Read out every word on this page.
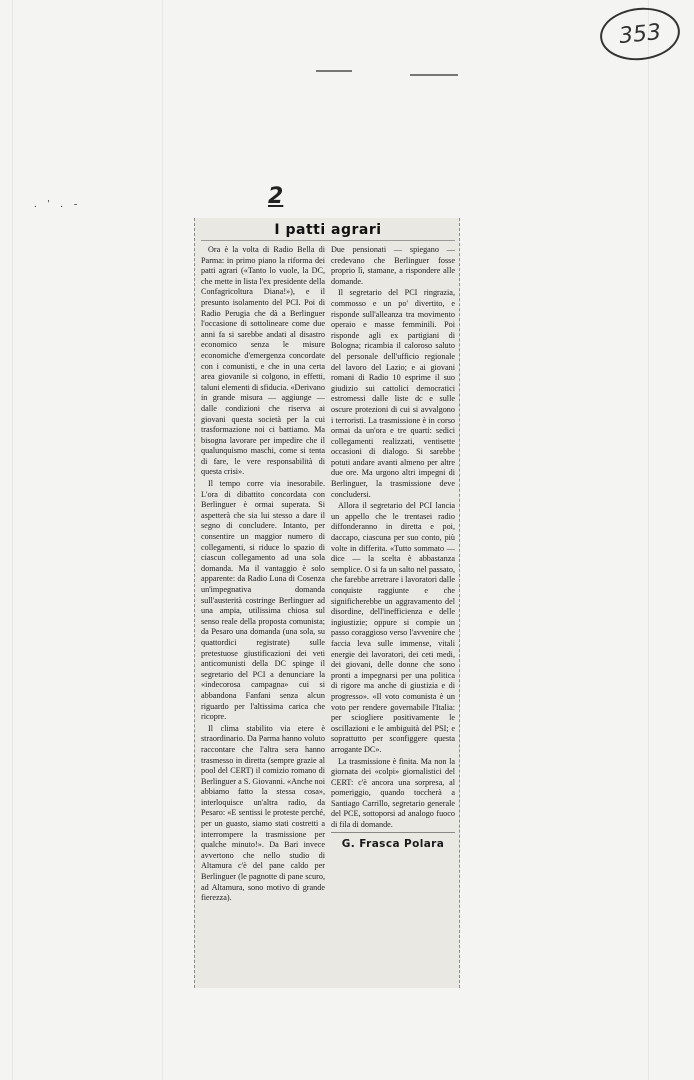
353
. ' . -	2
I patti agrari

Ora è la volta di Radio Bella di Parma: in primo piano la riforma dei patti agrari («Tanto lo vuole, la DC, che mette in lista l'ex presidente della Confagricoltura Diana!»), e il presunto isolamento del PCI. Poi di Radio Perugia che dà a Berlinguer l'occasione di sottolineare come due anni fa si sarebbe andati al disastro economico senza le misure economiche d'emergenza concordate con i comunisti, e che in una certa area giovanile si colgono, in effetti, taluni elementi di sfiducia. «Derivano in grande misura — aggiunge — dalle condizioni che riserva ai giovani questa società per la cui trasformazione noi ci battiamo. Ma bisogna lavorare per impedire che il qualunquismo maschi, come si tenta di fare, le vere responsabilità di questa crisi».

Il tempo corre via inesorabile. L'ora di dibattito concordata con Berlinguer è ormai superata. Si aspetterà che sia lui stesso a dare il segno di concludere. Intanto, per consentire un maggior numero di collegamenti, si riduce lo spazio di ciascun collegamento ad una sola domanda. Ma il vantaggio è solo apparente: da Radio Luna di Cosenza un'impegnativa domanda sull'austerità costringe Berlinguer ad una ampia, utilissima chiosa sul senso reale della proposta comunista; da Pesaro una domanda (una sola, su quattordici registrate) sulle pretestuose giustificazioni dei veti anticomunisti della DC spinge il segretario del PCI a denunciare la «indecorosa campagna» cui si abbandona Fanfani senza alcun riguardo per l'altissima carica che ricopre.

Il clima stabilito via etere è straordinario. Da Parma hanno voluto raccontare che l'altra sera hanno trasmesso in diretta (sempre grazie al pool del CERT) il comizio romano di Berlinguer a S. Giovanni. «Anche noi abbiamo fatto la stessa cosa», interloquisce un'altra radio, da Pesaro: «E sentissi le proteste perché, per un guasto, siamo stati costretti a interrompere la trasmissione per qualche minuto!». Da Bari invece avvertono che nello studio di Altamura c'è del pane caldo per Berlinguer (le pagnotte di pane scuro, ad Altamura, sono motivo di grande fierezza).

Due pensionati — spiegano — credevano che Berlinguer fosse proprio lì, stamane, a rispondere alle domande.

Il segretario del PCI ringrazia, commosso e un po' divertito, e risponde sull'alleanza tra movimento operaio e masse femminili. Poi risponde agli ex partigiani di Bologna; ricambia il caloroso saluto del personale dell'ufficio regionale del lavoro del Lazio; e ai giovani romani di Radio 10 esprime il suo giudizio sui cattolici democratici estromessi dalle liste dc e sulle oscure protezioni di cui si avvalgono i terroristi. La trasmissione è in corso ormai da un'ora e tre quarti: sedici collegamenti realizzati, ventisette occasioni di dialogo. Si sarebbe potuti andare avanti almeno per altre due ore. Ma urgono altri impegni di Berlinguer, la trasmissione deve concludersi.

Allora il segretario del PCI lancia un appello che le trentasei radio diffonderanno in diretta e poi, daccapo, ciascuna per suo conto, più volte in differita. «Tutto sommato — dice — la scelta è abbastanza semplice. O si fa un salto nel passato, che farebbe arretrare i lavoratori dalle conquiste raggiunte e che significherebbe un aggravamento del disordine, dell'inefficienza e delle ingiustizie; oppure si compie un passo coraggioso verso l'avvenire che faccia leva sulle immense, vitali energie dei lavoratori, dei ceti medi, dei giovani, delle donne che sono pronti a impegnarsi per una politica di rigore ma anche di giustizia e di progresso». «Il voto comunista è un voto per rendere governabile l'Italia: per sciogliere positivamente le oscillazioni e le ambiguità del PSI; e soprattutto per sconfiggere questa arrogante DC».

La trasmissione è finita. Ma non la giornata dei «colpi» giornalistici del CERT: c'è ancora una sorpresa, al pomeriggio, quando toccherà a Santiago Carrillo, segretario generale del PCE, sottoporsi ad analogo fuoco di fila di domande.

G. Frasca Polara
